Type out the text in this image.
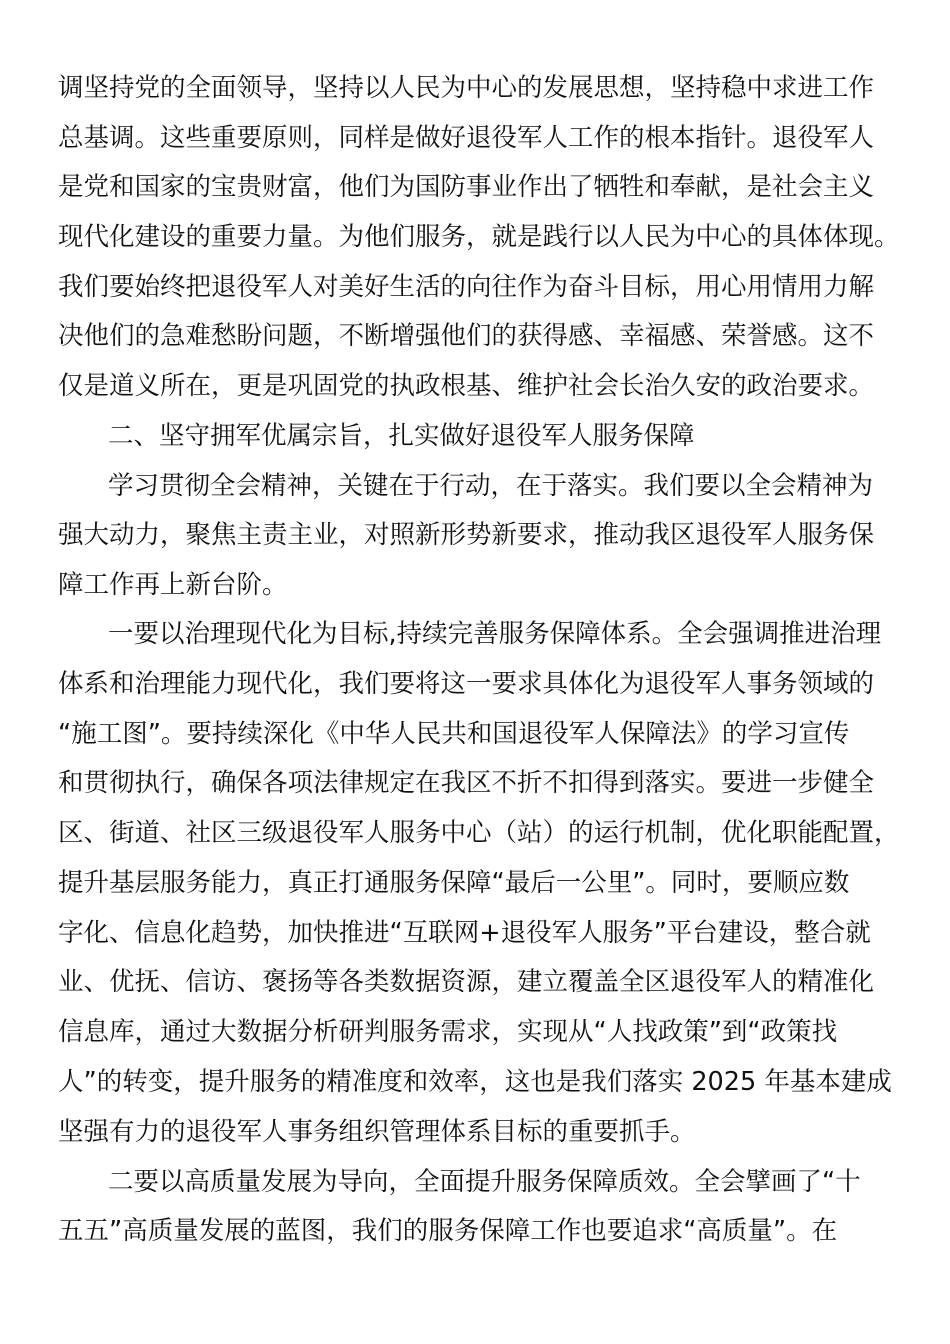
调坚持党的全面领导，坚持以人民为中心的发展思想，坚持稳中求进工作
总基调。这些重要原则，同样是做好退役军人工作的根本指针。退役军人
是党和国家的宝贵财富，他们为国防事业作出了牺牲和奉献，是社会主义
现代化建设的重要力量。为他们服务，就是践行以人民为中心的具体体现。
我们要始终把退役军人对美好生活的向往作为奋斗目标，用心用情用力解
决他们的急难愁盼问题，不断增强他们的获得感、幸福感、荣誉感。这不
仅是道义所在，更是巩固党的执政根基、维护社会长治久安的政治要求。
二、坚守拥军优属宗旨，扎实做好退役军人服务保障
学习贯彻全会精神，关键在于行动，在于落实。我们要以全会精神为
强大动力，聚焦主责主业，对照新形势新要求，推动我区退役军人服务保
障工作再上新台阶。
一要以治理现代化为目标,持续完善服务保障体系。全会强调推进治理
体系和治理能力现代化，我们要将这一要求具体化为退役军人事务领域的
“施工图”。要持续深化《中华人民共和国退役军人保障法》的学习宣传
和贯彻执行，确保各项法律规定在我区不折不扣得到落实。要进一步健全
区、街道、社区三级退役军人服务中心（站）的运行机制，优化职能配置，
提升基层服务能力，真正打通服务保障“最后一公里”。同时，要顺应数
字化、信息化趋势，加快推进“互联网+退役军人服务”平台建设，整合就
业、优抚、信访、褒扬等各类数据资源，建立覆盖全区退役军人的精准化
信息库，通过大数据分析研判服务需求，实现从“人找政策”到“政策找
人”的转变，提升服务的精准度和效率，这也是我们落实 2025 年基本建成
坚强有力的退役军人事务组织管理体系目标的重要抓手。
二要以高质量发展为导向，全面提升服务保障质效。全会擘画了“十
五五”高质量发展的蓝图，我们的服务保障工作也要追求“高质量”。在
